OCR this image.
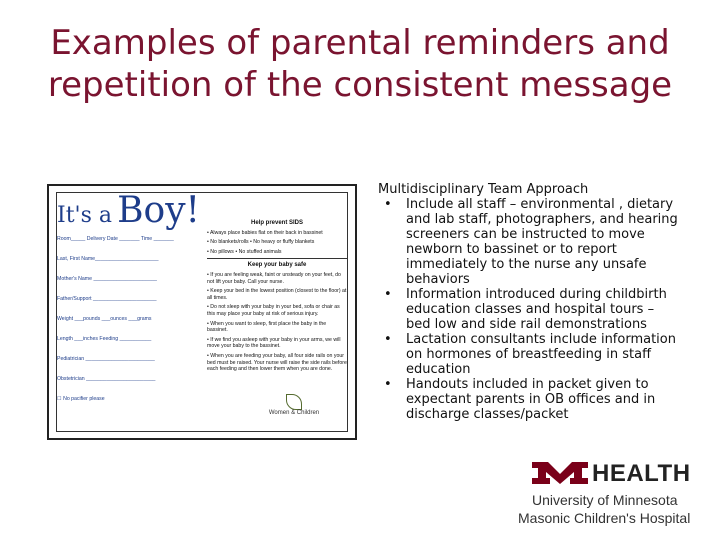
Examples of parental reminders and
repetition of the consistent message
It's a Boy!
Room_____ Delivery Date _______ Time _______
Last, First Name______________________
Mother's Name ______________________
Father/Support ______________________
Weight ___pounds ___ounces ___grams
Length ___inches Feeding ___________
Pediatrician ________________________
Obstetrician ________________________
☐ No pacifier please
Help prevent SIDS
• Always place babies flat on their back in bassinet
• No blankets/rolls • No heavy or fluffy blankets
• No pillows • No stuffed animals
Keep your baby safe
• If you are feeling weak, faint or unsteady on your feet, do not lift your baby. Call your nurse.
• Keep your bed in the lowest position (closest to the floor) at all times.
• Do not sleep with your baby in your bed, sofa or chair as this may place your baby at risk of serious injury.
• When you want to sleep, first place the baby in the bassinet.
• If we find you asleep with your baby in your arms, we will move your baby to the bassinet.
• When you are feeding your baby, all four side rails on your bed must be raised. Your nurse will raise the side rails before each feeding and then lower them when you are done.
Women & Children
Multidisciplinary Team Approach
• Include all staff – environmental , dietary and lab staff, photographers, and hearing screeners can be instructed to move newborn to bassinet or to report immediately to the nurse any unsafe behaviors
• Information introduced during childbirth education classes and hospital tours – bed low and side rail demonstrations
• Lactation consultants include information on hormones of breastfeeding in staff education
• Handouts included in packet given to expectant parents in OB offices and in discharge classes/packet
HEALTH
University of Minnesota
Masonic Children's Hospital
